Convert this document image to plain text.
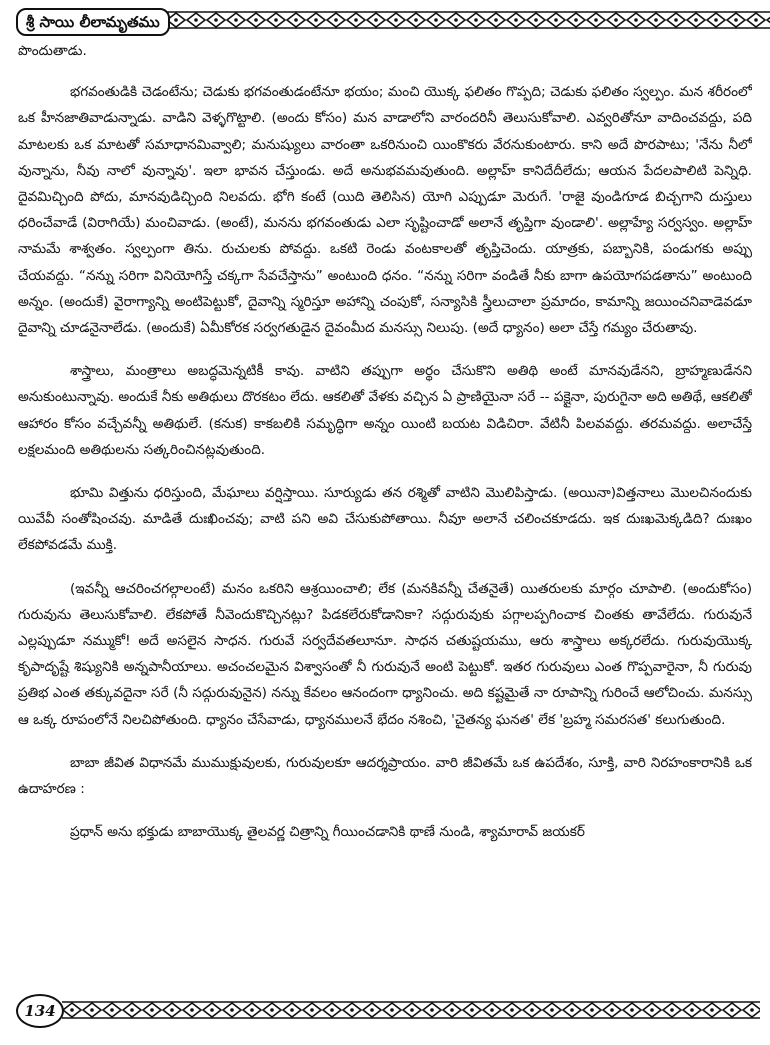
శ్రీ సాయి లీలామృతము

పొందుతాడు.

భగవంతుడికి చెడంటేను; చెడుకు భగవంతుడంటేనూ భయం; మంచి యొక్క ఫలితం గొప్పది; చెడుకు ఫలితం స్వల్పం. మన శరీరంలో ఒక హీనజాతివాడున్నాడు. వాడిని వెళ్ళగొట్టాలి. (అందు కోసం) మన వాడాలోని వారందరినీ తెలుసుకోవాలి. ఎవ్వరితోనూ వాదించవద్దు, పది మాటలకు ఒక మాటతో సమాధానమివ్వాలి; మనుష్యులు వారంతా ఒకరినుంచి యింకొకరు వేరనుకుంటారు. కాని అదే పొరపాటు; 'నేను నీలో వున్నాను, నీవు నాలో వున్నావు'. ఇలా భావన చేస్తుండు. అదే అనుభవమవుతుంది. అల్లాహ్ కానిదేదీలేదు; ఆయన పేదలపాలిటి పెన్నిధి. దైవమిచ్చింది పోదు, మానవుడిచ్చింది నిలవదు. భోగి కంటే (యిది తెలిసిన) యోగి ఎప్పుడూ మెరుగే. 'రాజై వుండిగూడ బిచ్చగాని దుస్తులు ధరించేవాడే (విరాగియే) మంచివాడు. (అంటే), మనను భగవంతుడు ఎలా సృష్టించాడో అలానే తృప్తిగా వుండాలి'. అల్లాహ్యే సర్వస్వం. అల్లాహ్ నామమే శాశ్వతం. స్వల్పంగా తిను. రుచులకు పోవద్దు. ఒకటి రెండు వంటకాలతో తృప్తిచెందు. యాత్రకు, పబ్బానికి, పండుగకు అప్పు చేయవద్దు. “నన్ను సరిగా వినియోగిస్తే చక్కగా సేవచేస్తాను” అంటుంది ధనం. “నన్ను సరిగా వండితే నీకు బాగా ఉపయోగపడతాను” అంటుంది అన్నం. (అందుకే) వైరాగ్యాన్ని అంటిపెట్టుకో, దైవాన్ని స్మరిస్తూ అహాన్ని చంపుకో, సన్యాసికి స్త్రీలుచాలా ప్రమాదం, కామాన్ని జయించనివాడెవడూ దైవాన్ని చూడనైనాలేడు. (అందుకే) ఏమీకోరక సర్వగతుడైన దైవంమీద మనస్సు నిలుపు. (అదే ధ్యానం) అలా చేస్తే గమ్యం చేరుతావు.

శాస్త్రాలు, మంత్రాలు అబద్ధమెన్నటికీ కావు. వాటిని తప్పుగా అర్థం చేసుకొని అతిథి అంటే మానవుడేనని, బ్రాహ్మణుడేనని అనుకుంటున్నావు. అందుకే నీకు అతిథులు దొరకటం లేదు. ఆకలితో వేళకు వచ్చిన ఏ ప్రాణియైనా సరే -- పక్షైనా, పురుగైనా అది అతిథే, ఆకలితో ఆహారం కోసం వచ్చేవన్నీ అతిథులే. (కనుక) కాకబలికి సమృద్ధిగా అన్నం యింటి బయట విడిచిరా. వేటినీ పిలవవద్దు. తరమవద్దు. అలాచేస్తే లక్షలమంది అతిథులను సత్కరించినట్లవుతుంది.

భూమి విత్తును ధరిస్తుంది, మేఘాలు వర్షిస్తాయి. సూర్యుడు తన రశ్మితో వాటిని మొలిపిస్తాడు. (అయినా)విత్తనాలు మొలచినందుకు యివేవీ సంతోషించవు. మాడితే దుఃఖించవు; వాటి పని అవి చేసుకుపోతాయి. నీవూ అలానే చలించకూడదు. ఇక దుఃఖమెక్కడిది? దుఃఖం లేకపోవడమే ముక్తి.

(ఇవన్నీ ఆచరించగల్గాలంటే) మనం ఒకరిని ఆశ్రయించాలి; లేక (మనకివన్నీ చేతనైతే) యితరులకు మార్గం చూపాలి. (అందుకోసం) గురువును తెలుసుకోవాలి. లేకపోతే నీవెందుకొచ్చినట్లు? పిడకలేరుకోడానికా? సద్గురువుకు పగ్గాలప్పగించాక చింతకు తావేలేదు. గురువునే ఎల్లప్పుడూ నమ్ముకో! అదే అసలైన సాధన. గురువే సర్వదేవతలూనూ. సాధన చతుష్టయము, ఆరు శాస్త్రాలు అక్కరలేదు. గురువుయొక్క కృపాదృష్టే శిష్యునికి అన్నపానీయాలు. అచంచలమైన విశ్వాసంతో నీ గురువునే అంటి పెట్టుకో. ఇతర గురువులు ఎంత గొప్పవారైనా, నీ గురువు ప్రతిభ ఎంత తక్కువదైనా సరే (నీ సద్గురువునైన) నన్ను కేవలం ఆనందంగా ధ్యానించు. అది కష్టమైతే నా రూపాన్ని గురించే ఆలోచించు. మనస్సు ఆ ఒక్క రూపంలోనే నిలచిపోతుంది. ధ్యానం చేసేవాడు, ధ్యానములనే భేదం నశించి, 'చైతన్య ఘనత' లేక 'బ్రహ్మ సమరసత' కలుగుతుంది.

బాబా జీవిత విధానమే ముముక్షువులకు, గురువులకూ ఆదర్శప్రాయం. వారి జీవితమే ఒక ఉపదేశం, సూక్తి, వారి నిరహంకారానికి ఒక ఉదాహరణ :

ప్రధాన్ అను భక్తుడు బాబాయొక్క తైలవర్ణ చిత్రాన్ని గీయించడానికి థాణే నుండి, శ్యామారావ్ జయకర్

134
